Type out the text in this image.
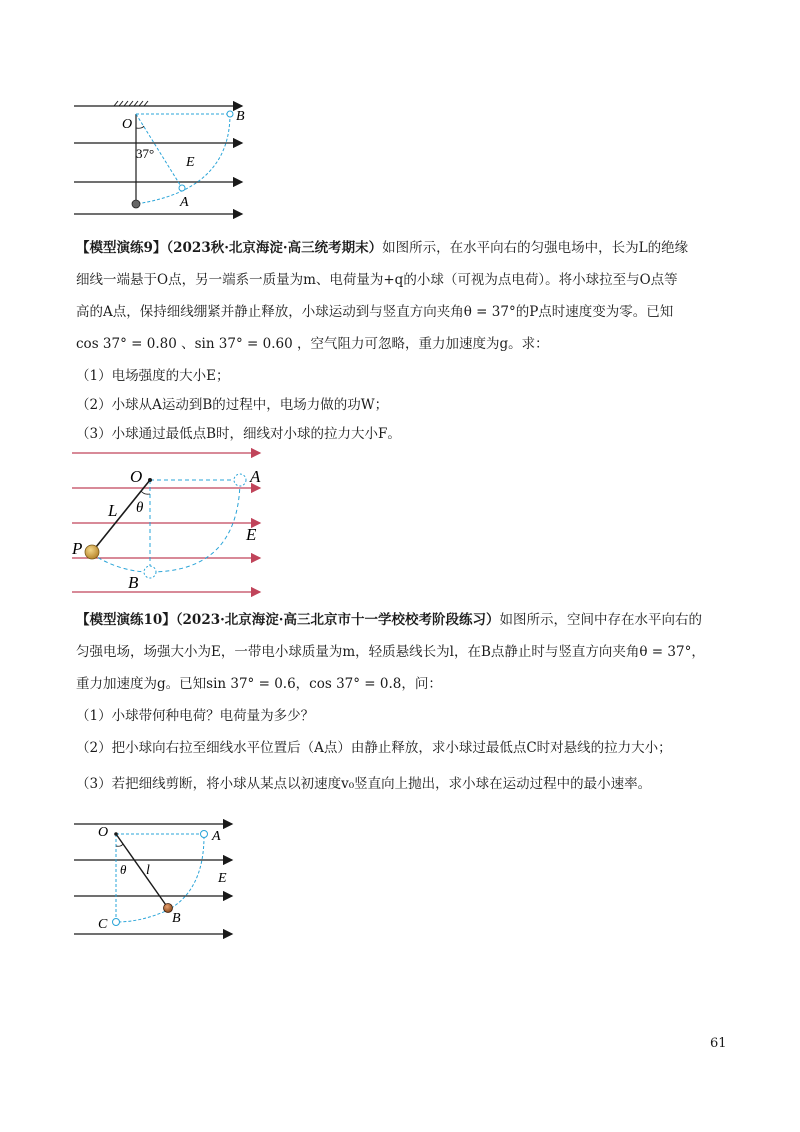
O
B
37°
E
A
【模型演练9】（2023秋·北京海淀·高三统考期末）如图所示，在水平向右的匀强电场中，长为L的绝缘
细线一端悬于O点，另一端系一质量为m、电荷量为+q的小球（可视为点电荷）。将小球拉至与O点等
高的A点，保持细线绷紧并静止释放，小球运动到与竖直方向夹角θ = 37°的P点时速度变为零。已知
cos 37° = 0.80 、sin 37° = 0.60 ，空气阻力可忽略，重力加速度为g。求：
（1）电场强度的大小E；
（2）小球从A运动到B的过程中，电场力做的功W；
（3）小球通过最低点B时，细线对小球的拉力大小F。
O	A
L θ
E
P
B
【模型演练10】（2023·北京海淀·高三北京市十一学校校考阶段练习）如图所示，空间中存在水平向右的
匀强电场，场强大小为E，一带电小球质量为m，轻质悬线长为l，在B点静止时与竖直方向夹角θ = 37°，
重力加速度为g。已知sin 37° = 0.6，cos 37° = 0.8，问：
（1）小球带何种电荷？电荷量为多少？
（2）把小球向右拉至细线水平位置后（A点）由静止释放，求小球过最低点C时对悬线的拉力大小；
（3）若把细线剪断，将小球从某点以初速度v₀竖直向上抛出，求小球在运动过程中的最小速率。
O	A
θ l
E
C	B
61
